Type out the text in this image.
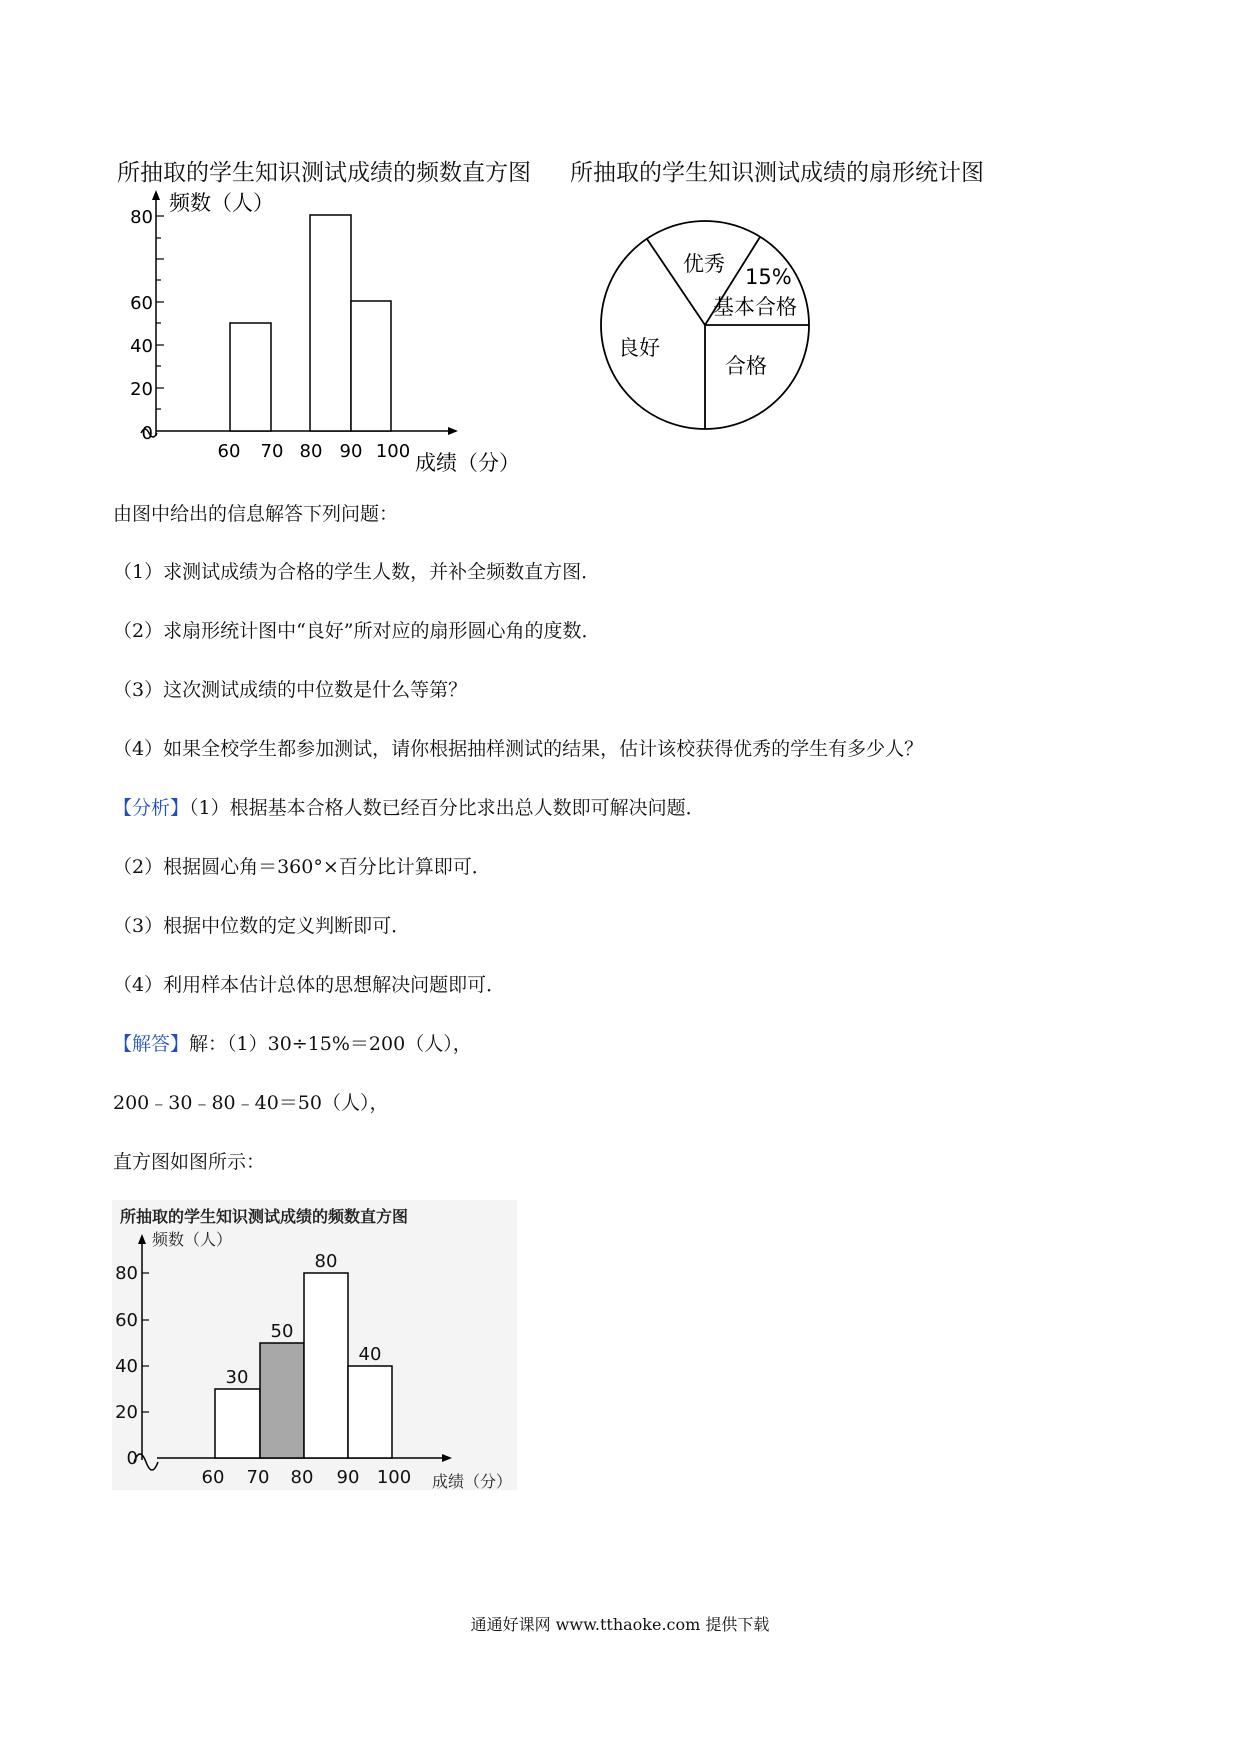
所抽取的学生知识测试成绩的频数直方图
0
20
40
60
80
频数（人）
60 70 80 90 100 成绩（分）
所抽取的学生知识测试成绩的扇形统计图
优秀
15%
基本合格
良好
合格
由图中给出的信息解答下列问题：
（1）求测试成绩为合格的学生人数，并补全频数直方图．
（2）求扇形统计图中“良好”所对应的扇形圆心角的度数．
（3）这次测试成绩的中位数是什么等第？
（4）如果全校学生都参加测试，请你根据抽样测试的结果，估计该校获得优秀的学生有多少人？
【分析】（1）根据基本合格人数已经百分比求出总人数即可解决问题．
（2）根据圆心角＝360°×百分比计算即可．
（3）根据中位数的定义判断即可．
（4）利用样本估计总体的思想解决问题即可．
【解答】解：（1）30÷15%＝200（人），
200﹣30﹣80﹣40＝50（人），
直方图如图所示：
所抽取的学生知识测试成绩的频数直方图
频数（人）
0
20
40
60
80
30
50
80
40
60 70 80 90 100 成绩（分）
通通好课网 www.tthaoke.com 提供下载
